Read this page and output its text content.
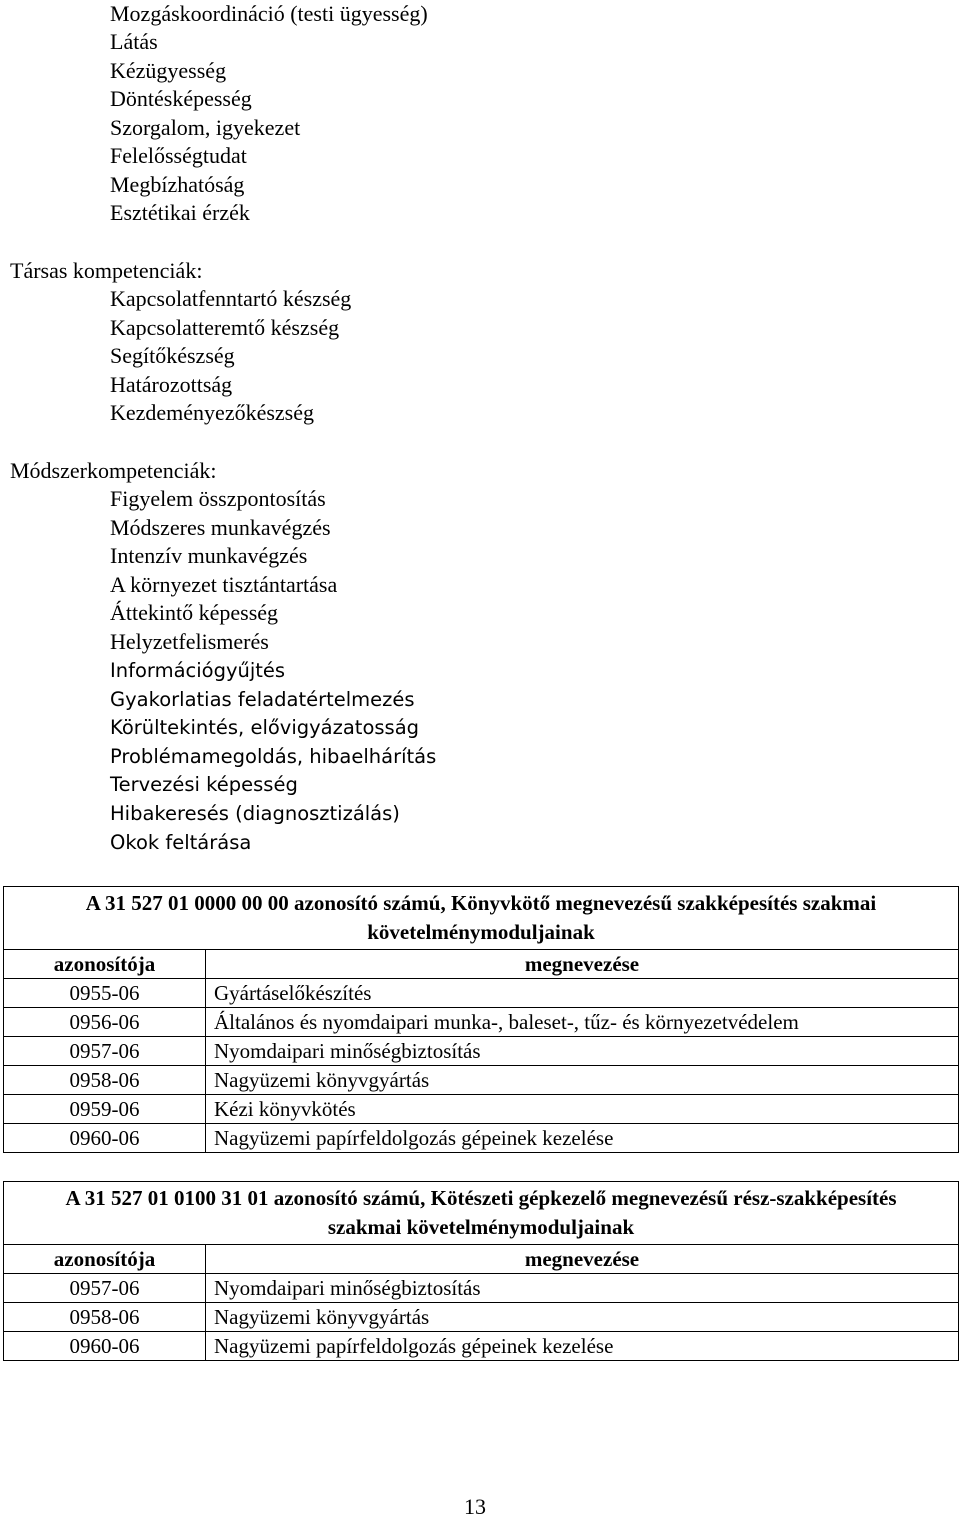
Mozgáskoordináció (testi ügyesség)
Látás
Kézügyesség
Döntésképesség
Szorgalom, igyekezet
Felelősségtudat
Megbízhatóság
Esztétikai érzék
Társas kompetenciák:
Kapcsolatfenntartó készség
Kapcsolatteremtő készség
Segítőkészség
Határozottság
Kezdeményezőkészség
Módszerkompetenciák:
Figyelem összpontosítás
Módszeres munkavégzés
Intenzív munkavégzés
A környezet tisztántartása
Áttekintő képesség
Helyzetfelismerés
Információgyűjtés
Gyakorlatias feladatértelmezés
Körültekintés, elővigyázatosság
Problémamegoldás, hibaelhárítás
Tervezési képesség
Hibakeresés (diagnosztizálás)
Okok feltárása
A 31 527 01 0000 00 00 azonosító számú, Könyvkötő megnevezésű szakképesítés szakmai követelménymoduljainak	
azonosítója	megnevezése
0955-06	Gyártáselőkészítés
0956-06	Általános és nyomdaipari munka-, baleset-, tűz- és környezetvédelem
0957-06	Nyomdaipari minőségbiztosítás
0958-06	Nagyüzemi könyvgyártás
0959-06	Kézi könyvkötés
0960-06	Nagyüzemi papírfeldolgozás gépeinek kezelése
A 31 527 01 0100 31 01 azonosító számú, Kötészeti gépkezelő megnevezésű rész-szakképesítés szakmai követelménymoduljainak	
azonosítója	megnevezése
0957-06	Nyomdaipari minőségbiztosítás
0958-06	Nagyüzemi könyvgyártás
0960-06	Nagyüzemi papírfeldolgozás gépeinek kezelése
13
